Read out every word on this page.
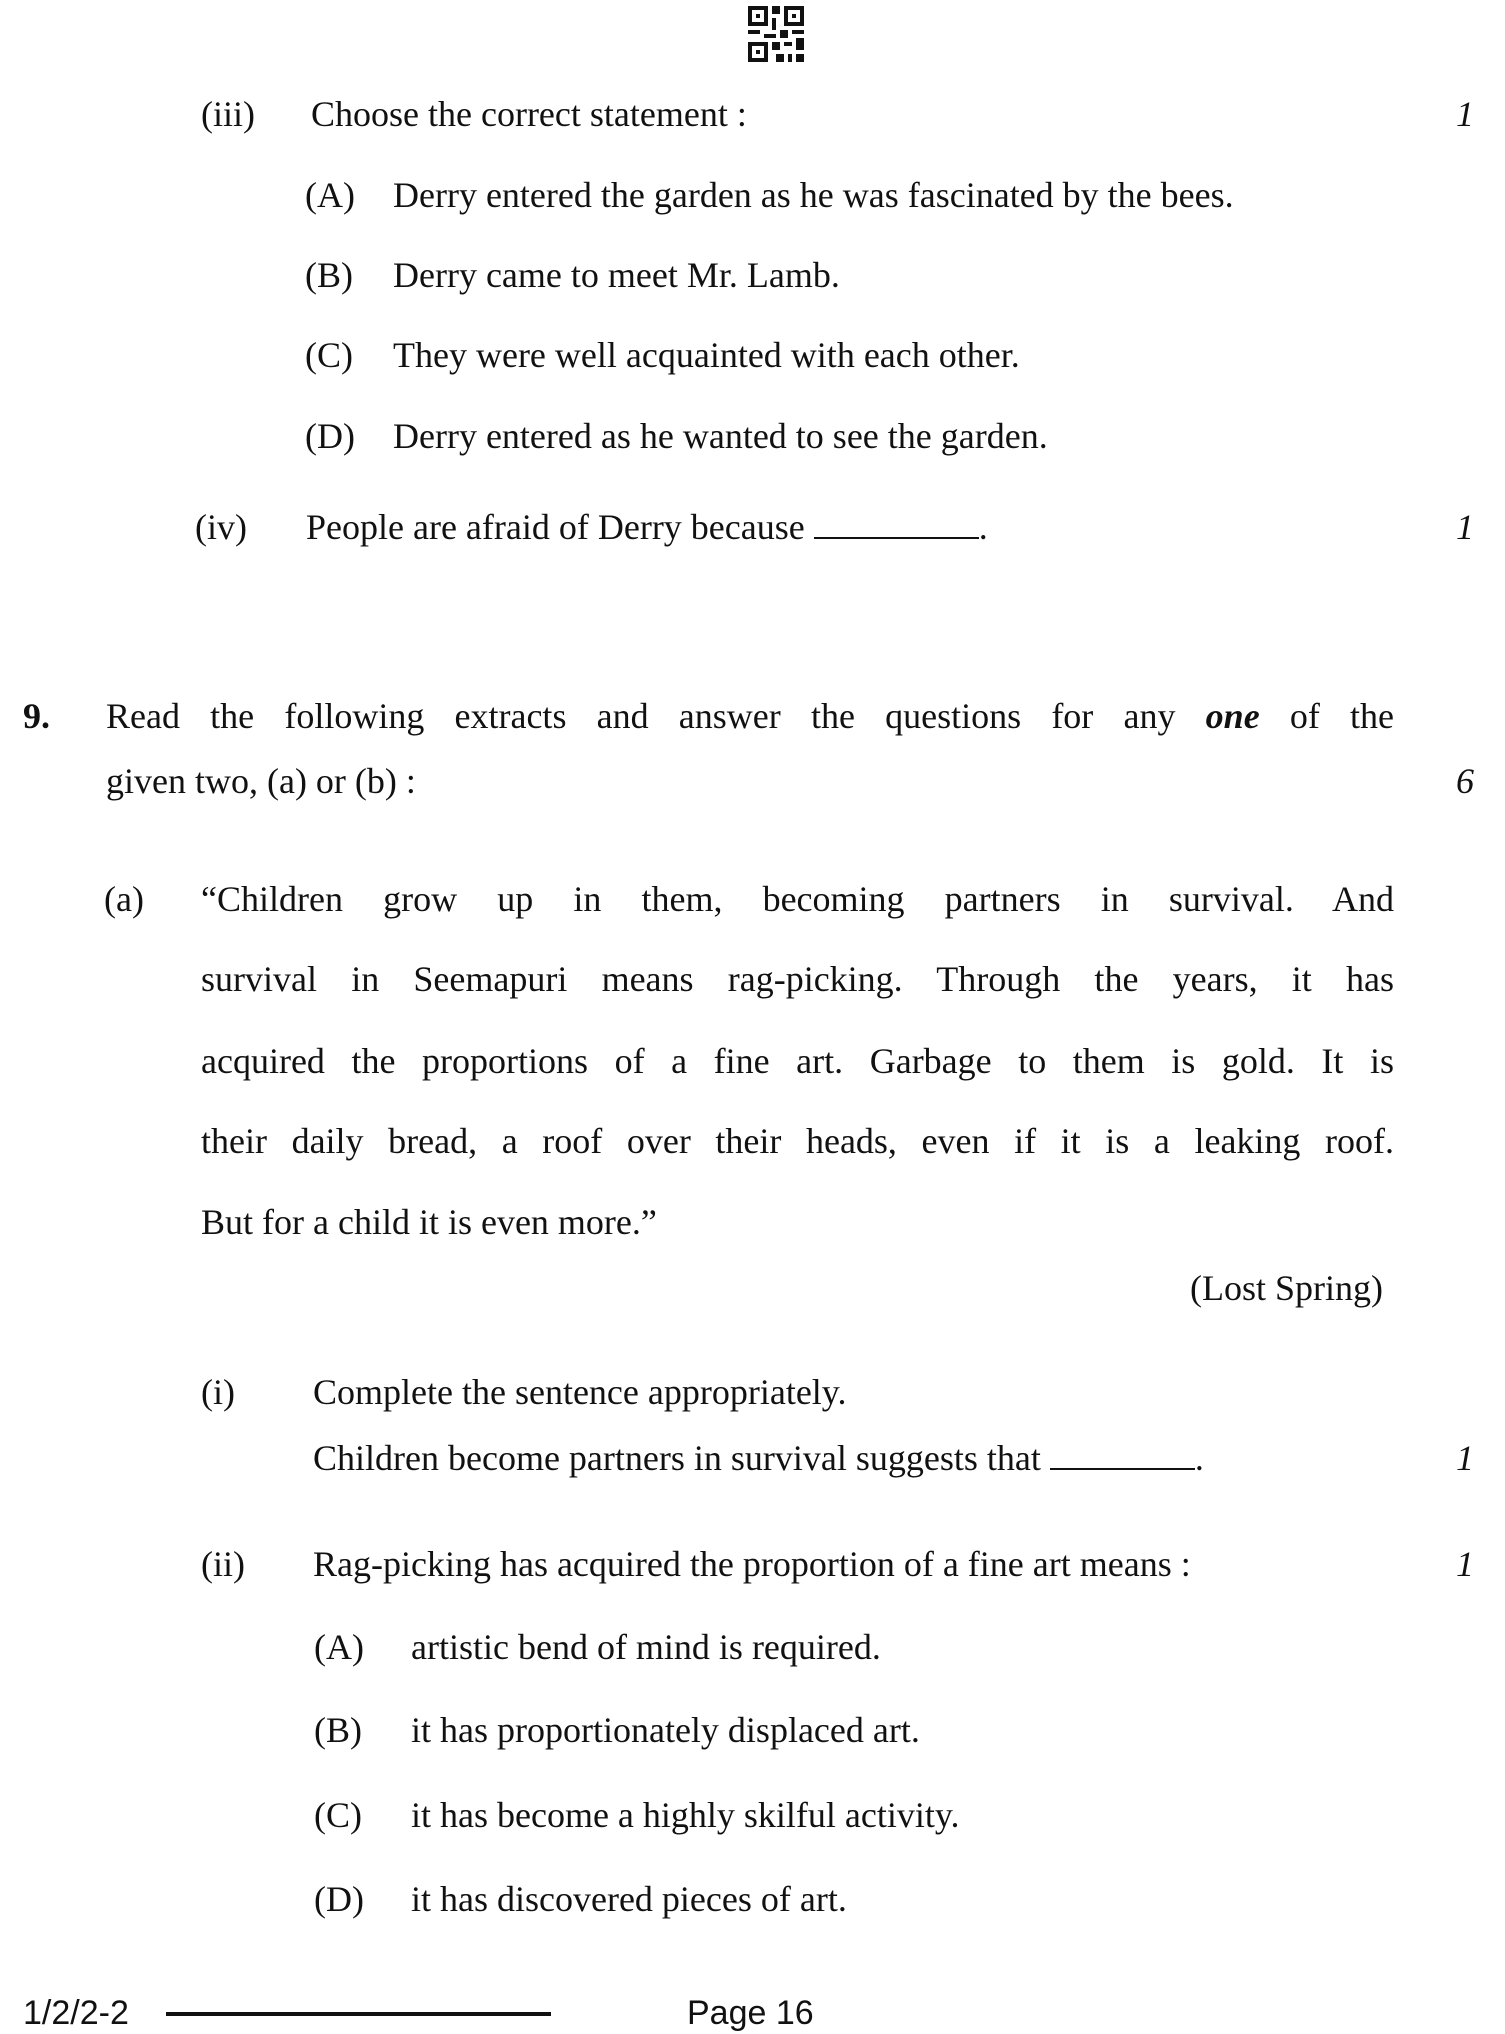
(iii) Choose the correct statement :	1
(A) Derry entered the garden as he was fascinated by the bees.
(B) Derry came to meet Mr. Lamb.
(C) They were well acquainted with each other.
(D) Derry entered as he wanted to see the garden.
(iv) People are afraid of Derry because	.	1
9. Read the following extracts and answer the questions for any one of the
given two, (a) or (b) :	6
(a) “Children grow up in them, becoming partners in survival. And
survival in Seemapuri means rag-picking. Through the years, it has
acquired the proportions of a fine art. Garbage to them is gold. It is
their daily bread, a roof over their heads, even if it is a leaking roof.
But for a child it is even more.”
(Lost Spring)
(i) Complete the sentence appropriately.
Children become partners in survival suggests that	.	1
(ii) Rag-picking has acquired the proportion of a fine art means :	1
(A) artistic bend of mind is required.
(B) it has proportionately displaced art.
(C) it has become a highly skilful activity.
(D) it has discovered pieces of art.
1/2/2-2	Page 16
